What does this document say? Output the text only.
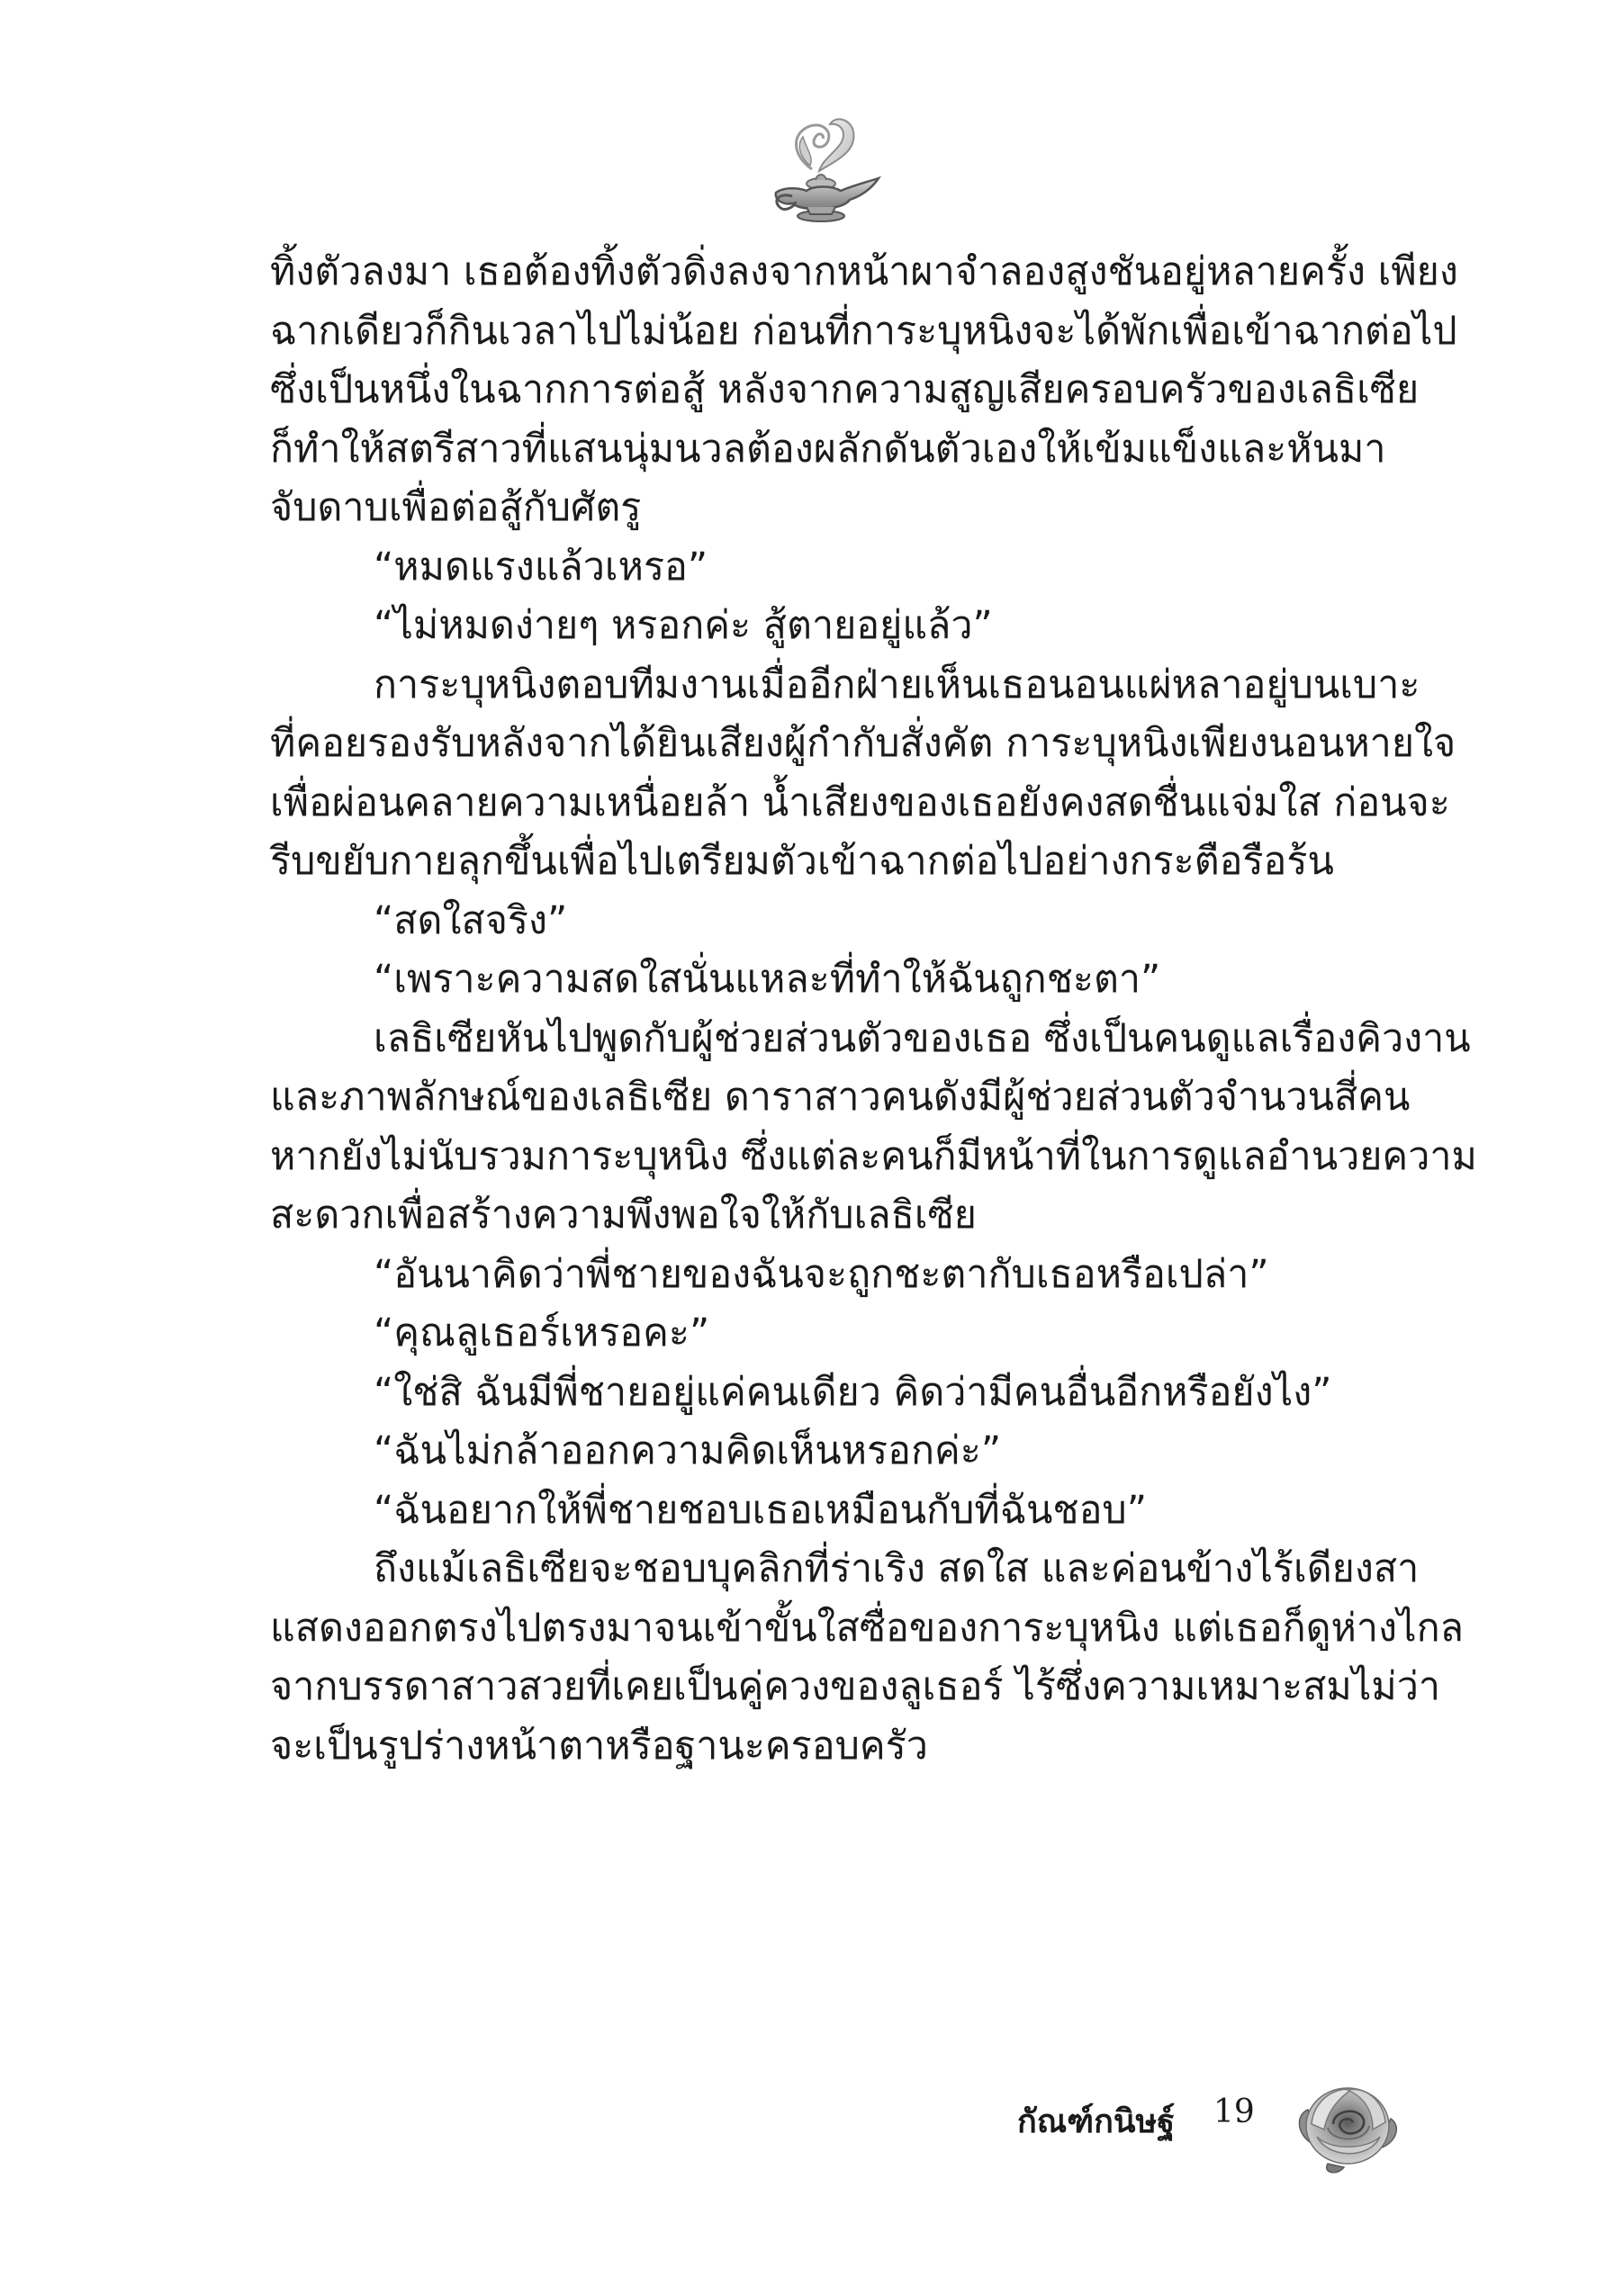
ทิ้งตัวลงมา เธอต้องทิ้งตัวดิ่งลงจากหน้าผาจำลองสูงชันอยู่หลายครั้ง เพียง
ฉากเดียวก็กินเวลาไปไม่น้อย ก่อนที่การะบุหนิงจะได้พักเพื่อเข้าฉากต่อไป
ซึ่งเป็นหนึ่งในฉากการต่อสู้ หลังจากความสูญเสียครอบครัวของเลธิเซีย
ก็ทำให้สตรีสาวที่แสนนุ่มนวลต้องผลักดันตัวเองให้เข้มแข็งและหันมา
จับดาบเพื่อต่อสู้กับศัตรู
“หมดแรงแล้วเหรอ”
“ไม่หมดง่ายๆ หรอกค่ะ สู้ตายอยู่แล้ว”
การะบุหนิงตอบทีมงานเมื่ออีกฝ่ายเห็นเธอนอนแผ่หลาอยู่บนเบาะ
ที่คอยรองรับหลังจากได้ยินเสียงผู้กำกับสั่งคัต การะบุหนิงเพียงนอนหายใจ
เพื่อผ่อนคลายความเหนื่อยล้า น้ำเสียงของเธอยังคงสดชื่นแจ่มใส ก่อนจะ
รีบขยับกายลุกขึ้นเพื่อไปเตรียมตัวเข้าฉากต่อไปอย่างกระตือรือร้น
“สดใสจริง”
“เพราะความสดใสนั่นแหละที่ทำให้ฉันถูกชะตา”
เลธิเซียหันไปพูดกับผู้ช่วยส่วนตัวของเธอ ซึ่งเป็นคนดูแลเรื่องคิวงาน
และภาพลักษณ์ของเลธิเซีย ดาราสาวคนดังมีผู้ช่วยส่วนตัวจำนวนสี่คน
หากยังไม่นับรวมการะบุหนิง ซึ่งแต่ละคนก็มีหน้าที่ในการดูแลอำนวยความ
สะดวกเพื่อสร้างความพึงพอใจให้กับเลธิเซีย
“อันนาคิดว่าพี่ชายของฉันจะถูกชะตากับเธอหรือเปล่า”
“คุณลูเธอร์เหรอคะ”
“ใช่สิ ฉันมีพี่ชายอยู่แค่คนเดียว คิดว่ามีคนอื่นอีกหรือยังไง”
“ฉันไม่กล้าออกความคิดเห็นหรอกค่ะ”
“ฉันอยากให้พี่ชายชอบเธอเหมือนกับที่ฉันชอบ”
ถึงแม้เลธิเซียจะชอบบุคลิกที่ร่าเริง สดใส และค่อนข้างไร้เดียงสา
แสดงออกตรงไปตรงมาจนเข้าขั้นใสซื่อของการะบุหนิง แต่เธอก็ดูห่างไกล
จากบรรดาสาวสวยที่เคยเป็นคู่ควงของลูเธอร์ ไร้ซึ่งความเหมาะสมไม่ว่า
จะเป็นรูปร่างหน้าตาหรือฐานะครอบครัว
กัณฑ์กนิษฐ์ 19
